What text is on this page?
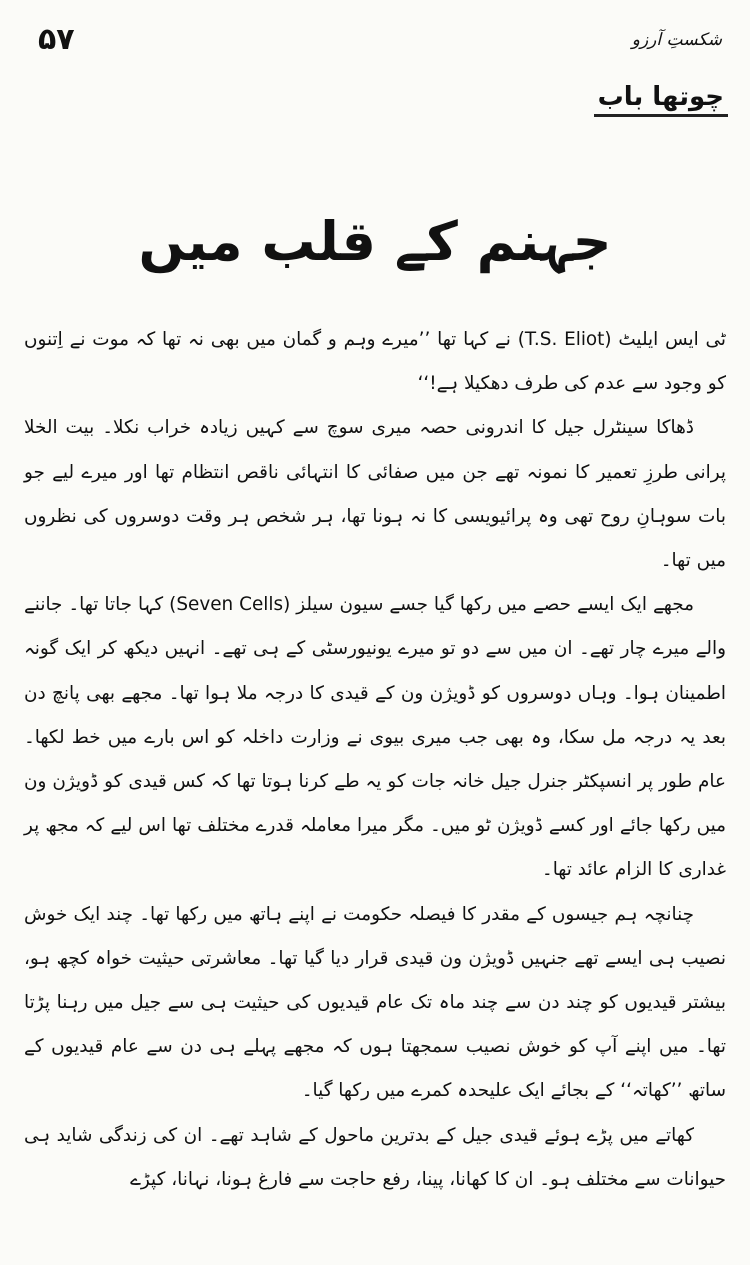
۵۷	شکستِ آرزو
چوتھا باب
جہنم کے قلب میں

ٹی ایس ایلیٹ (T.S. Eliot) نے کہا تھا ’’میرے وہم و گمان میں بھی نہ تھا کہ موت نے اِتنوں کو وجود سے عدم کی طرف دھکیلا ہے!‘‘

ڈھاکا سینٹرل جیل کا اندرونی حصہ میری سوچ سے کہیں زیادہ خراب نکلا۔ بیت الخلا پرانی طرزِ تعمیر کا نمونہ تھے جن میں صفائی کا انتہائی ناقص انتظام تھا اور میرے لیے جو بات سوہانِ روح تھی وہ پرائیویسی کا نہ ہونا تھا، ہر شخص ہر وقت دوسروں کی نظروں میں تھا۔

مجھے ایک ایسے حصے میں رکھا گیا جسے سیون سیلز (Seven Cells) کہا جاتا تھا۔ جاننے والے میرے چار تھے۔ ان میں سے دو تو میرے یونیورسٹی کے ہی تھے۔ انہیں دیکھ کر ایک گونہ اطمینان ہوا۔ وہاں دوسروں کو ڈویژن ون کے قیدی کا درجہ ملا ہوا تھا۔ مجھے بھی پانچ دن بعد یہ درجہ مل سکا، وہ بھی جب میری بیوی نے وزارت داخلہ کو اس بارے میں خط لکھا۔ عام طور پر انسپکٹر جنرل جیل خانہ جات کو یہ طے کرنا ہوتا تھا کہ کس قیدی کو ڈویژن ون میں رکھا جائے اور کسے ڈویژن ٹو میں۔ مگر میرا معاملہ قدرے مختلف تھا اس لیے کہ مجھ پر غداری کا الزام عائد تھا۔

چنانچہ ہم جیسوں کے مقدر کا فیصلہ حکومت نے اپنے ہاتھ میں رکھا تھا۔ چند ایک خوش نصیب ہی ایسے تھے جنہیں ڈویژن ون قیدی قرار دیا گیا تھا۔ معاشرتی حیثیت خواہ کچھ ہو، بیشتر قیدیوں کو چند دن سے چند ماہ تک عام قیدیوں کی حیثیت ہی سے جیل میں رہنا پڑتا تھا۔ میں اپنے آپ کو خوش نصیب سمجھتا ہوں کہ مجھے پہلے ہی دن سے عام قیدیوں کے ساتھ ’’کھاتہ‘‘ کے بجائے ایک علیحدہ کمرے میں رکھا گیا۔

کھاتے میں پڑے ہوئے قیدی جیل کے بدترین ماحول کے شاہد تھے۔ ان کی زندگی شاید ہی حیوانات سے مختلف ہو۔ ان کا کھانا، پینا، رفع حاجت سے فارغ ہونا، نہانا، کپڑے
